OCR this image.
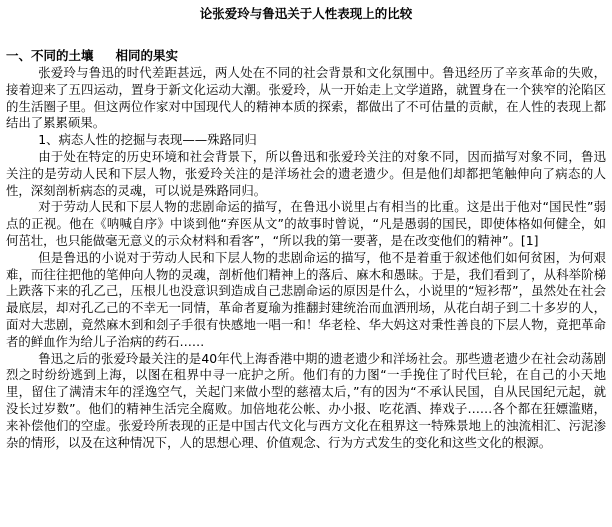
论张爱玲与鲁迅关于人性表现上的比较
一、不同的土壤 相同的果实

张爱玲与鲁迅的时代差距甚远，两人处在不同的社会背景和文化氛围中。鲁迅经历了辛亥革命的失败，接着迎来了五四运动，置身于新文化运动大潮。张爱玲，从一开始走上文学道路，就置身在一个狭窄的沦陷区的生活圈子里。但这两位作家对中国现代人的精神本质的探索，都做出了不可估量的贡献，在人性的表现上都结出了累累硕果。

1、病态人性的挖掘与表现——殊路同归

由于处在特定的历史环境和社会背景下，所以鲁迅和张爱玲关注的对象不同，因而描写对象不同，鲁迅关注的是劳动人民和下层人物，张爱玲关注的是洋场社会的遗老遗少。但是他们却都把笔触伸向了病态的人性，深刻剖析病态的灵魂，可以说是殊路同归。

对于劳动人民和下层人物的悲剧命运的描写，在鲁迅小说里占有相当的比重。这是出于他对“国民性”弱点的正视。他在《呐喊自序》中谈到他“弃医从文”的故事时曾说，“凡是愚弱的国民，即使体格如何健全，如何茁壮，也只能做毫无意义的示众材料和看客”，“所以我的第一要著，是在改变他们的精神”。[1]

但是鲁迅的小说对于劳动人民和下层人物的悲剧命运的描写，他不是着重于叙述他们如何贫困，为何艰难，而往往把他的笔伸向人物的灵魂，剖析他们精神上的落后、麻木和愚昧。于是，我们看到了，从科举阶梯上跌落下来的孔乙己，压根儿也没意识到造成自己悲剧命运的原因是什么，小说里的“短衫帮”，虽然处在社会最底层，却对孔乙己的不幸无一同情，革命者夏瑜为推翻封建统治而血洒刑场，从花白胡子到二十多岁的人，面对大悲剧，竟然麻木到和刽子手很有快感地一唱一和！华老栓、华大妈这对秉性善良的下层人物，竟把革命者的鲜血作为给儿子治病的药石……

鲁迅之后的张爱玲最关注的是40年代上海香港中期的遗老遗少和洋场社会。那些遗老遗少在社会动荡剧烈之时纷纷逃到上海，以图在租界中寻一庇护之所。他们有的力图“一手挽住了时代巨轮，在自己的小天地里，留住了满清末年的淫逸空气，关起门来做小型的慈禧太后，”有的因为“不承认民国，自从民国纪元起，就没长过岁数”。他们的精神生活完全腐败。加倍地花公帐、办小报、吃花酒、捧戏子……各个都在狂嫖滥赌，来补偿他们的空虚。张爱玲所表现的正是中国古代文化与西方文化在租界这一特殊景地上的浊流相汇、污泥渗杂的情形，以及在这种情况下，人的思想心理、价值观念、行为方式发生的变化和这些文化的根源。
